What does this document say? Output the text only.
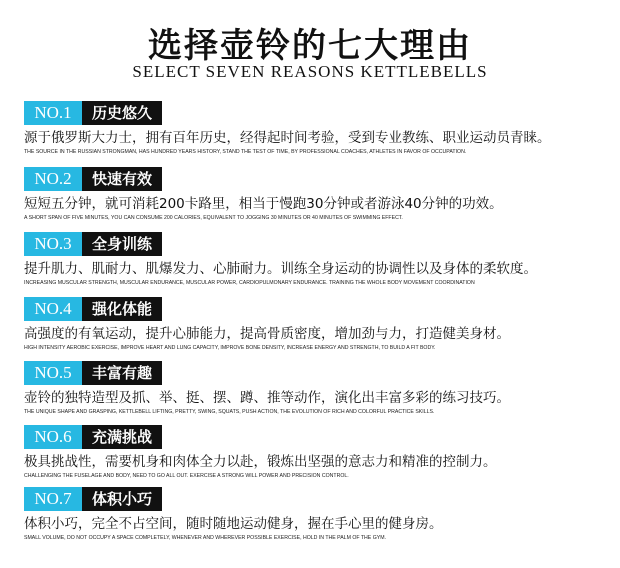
选择壶铃的七大理由
SELECT SEVEN REASONS KETTLEBELLS
NO.1	历史悠久
源于俄罗斯大力士，拥有百年历史，经得起时间考验，受到专业教练、职业运动员青睐。
THE SOURCE IN THE RUSSIAN STRONGMAN, HAS HUNDRED YEARS HISTORY, STAND THE TEST OF TIME, BY PROFESSIONAL COACHES, ATHLETES IN FAVOR OF OCCUPATION.
NO.2	快速有效
短短五分钟，就可消耗200卡路里，相当于慢跑30分钟或者游泳40分钟的功效。
A SHORT SPAN OF FIVE MINUTES, YOU CAN CONSUME 200 CALORIES, EQUIVALENT TO JOGGING 30 MINUTES OR 40 MINUTES OF SWIMMING EFFECT.
NO.3	全身训练
提升肌力、肌耐力、肌爆发力、心肺耐力。训练全身运动的协调性以及身体的柔软度。
INCREASING MUSCULAR STRENGTH, MUSCULAR ENDURANCE, MUSCULAR POWER, CARDIOPULMONARY ENDURANCE. TRAINING THE WHOLE BODY MOVEMENT COORDINATION
NO.4	强化体能
高强度的有氧运动，提升心肺能力，提高骨质密度，增加劲与力，打造健美身材。
HIGH INTENSITY AEROBIC EXERCISE, IMPROVE HEART AND LUNG CAPACITY, IMPROVE BONE DENSITY, INCREASE ENERGY AND STRENGTH, TO BUILD A FIT BODY.
NO.5	丰富有趣
壶铃的独特造型及抓、举、挺、摆、蹲、推等动作，演化出丰富多彩的练习技巧。
THE UNIQUE SHAPE AND GRASPING, KETTLEBELL LIFTING, PRETTY, SWING, SQUATS, PUSH ACTION, THE EVOLUTION OF RICH AND COLORFUL PRACTICE SKILLS.
NO.6	充满挑战
极具挑战性，需要机身和肉体全力以赴，锻炼出坚强的意志力和精准的控制力。
CHALLENGING THE FUSELAGE AND BODY, NEED TO GO ALL OUT. EXERCISE A STRONG WILL POWER AND PRECISION CONTROL.
NO.7	体积小巧
体积小巧，完全不占空间，随时随地运动健身，握在手心里的健身房。
SMALL VOLUME, DO NOT OCCUPY A SPACE COMPLETELY, WHENEVER AND WHEREVER POSSIBLE EXERCISE, HOLD IN THE PALM OF THE GYM.
